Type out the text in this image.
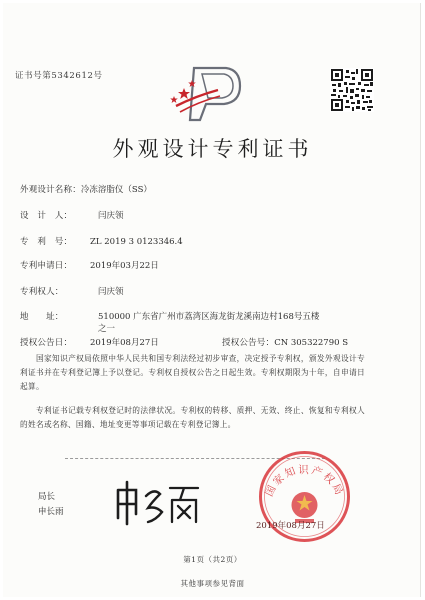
证书号第5342612号
外观设计专利证书
外观设计名称：冷冻溶脂仪（SS）
设　计　人：	闫庆领
专　利　号： ZL 2019 3 0123346.4
专利申请日： 2019年03月22日
专利权人：	闫庆领
地　　址：	510000 广东省广州市荔湾区海龙街龙溪南边村168号五楼
之一
授权公告日： 2019年08月27日	授权公告号：CN 305322790 S
国家知识产权局依照中华人民共和国专利法经过初步审查，决定授予专利权，颁发外观设计专利证书并在专利登记簿上予以登记。专利权自授权公告之日起生效。专利权期限为十年，自申请日起算。
专利证书记载专利权登记时的法律状况。专利权的转移、质押、无效、终止、恢复和专利权人的姓名或名称、国籍、地址变更等事项记载在专利登记簿上。
局长
申长雨
国家知识产权局
2019年08月27日
第1页（共2页）
其他事项参见背面
